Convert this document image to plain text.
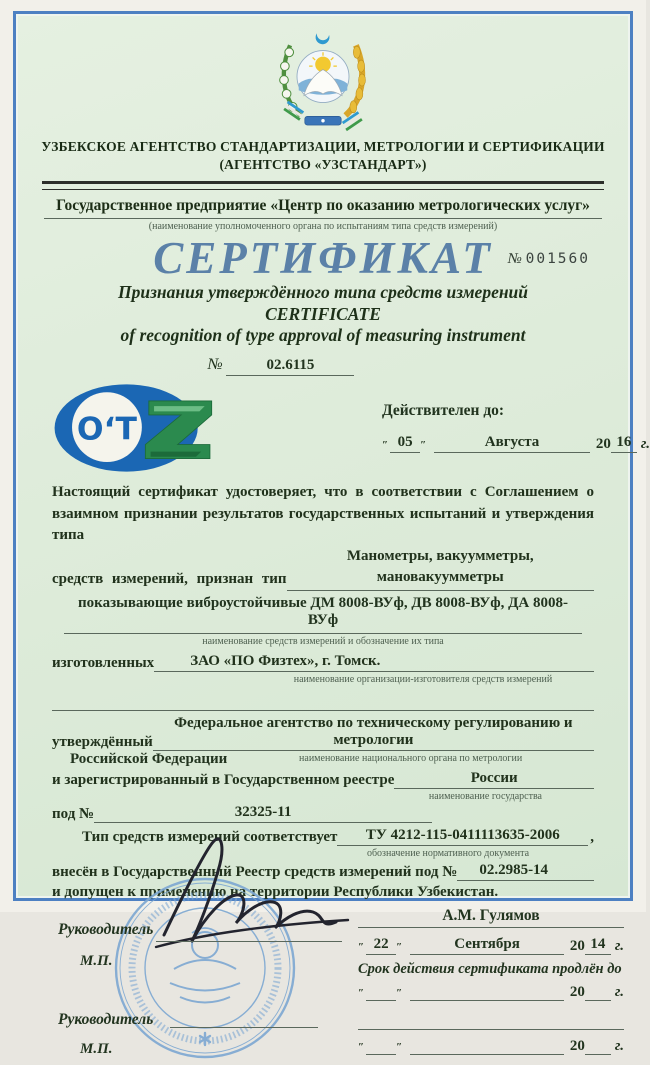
УЗБЕКСКОЕ АГЕНТСТВО СТАНДАРТИЗАЦИИ, МЕТРОЛОГИИ И СЕРТИФИКАЦИИ
(АГЕНТСТВО «УЗСТАНДАРТ»)
Государственное предприятие «Центр по оказанию метрологических услуг»
(наименование уполномоченного органа по испытаниям типа средств измерений)
СЕРТИФИКАТ № 001560
Признания утверждённого типа средств измерений
CERTIFICATE
of recognition of type approval of measuring instrument
№	02.6115
O‘T
Действителен до:
″ 05 ″	Августа	20 16 г.
Настоящий сертификат удостоверяет, что в соответствии с Соглашением о
взаимном признании результатов государственных испытаний и утверждения типа
средств измерений, признан тип
Манометры, вакуумметры, мановакуумметры
показывающие виброустойчивые ДМ 8008-ВУф, ДВ 8008-ВУф, ДА 8008-ВУф
наименование средств измерений и обозначение их типа
изготовленных	ЗАО «ПО Физтех», г. Томск.
наименование организации-изготовителя средств измерений
утверждённый
Федеральное агентство по техническому регулированию и метрологии
Российской Федерации	наименование национального органа по метрологии
и зарегистрированный в Государственном реестре	России
наименование государства
под №	32325-11
Тип средств измерений соответствует	ТУ 4212-115-0411113635-2006	,
обозначение нормативного документа
внесён в Государственный Реестр средств измерений под №	02.2985-14
и допущен к применению на территории Республики Узбекистан.
Руководитель
М.П.
Руководитель
М.П.
А.М. Гулямов
″ 22 ″	Сентября	20 14 г.
Срок действия сертификата продлён до
″	″	20 г.
″	″	20 г.
